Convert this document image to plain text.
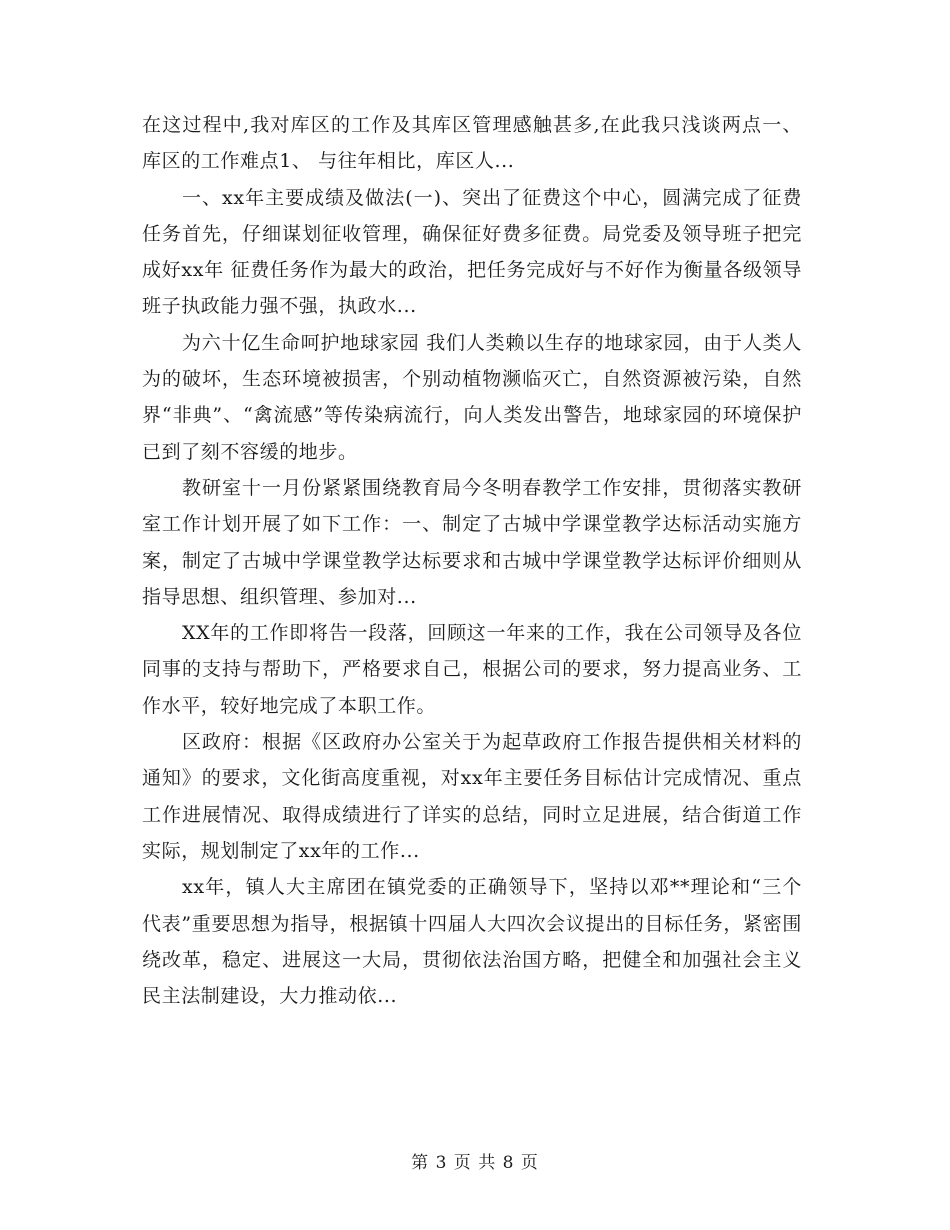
在这过程中,我对库区的工作及其库区管理感触甚多,在此我只浅谈两点一、库区的工作难点1、 与往年相比，库区人...

一、xx年主要成绩及做法(一)、突出了征费这个中心，圆满完成了征费任务首先，仔细谋划征收管理，确保征好费多征费。局党委及领导班子把完成好xx年 征费任务作为最大的政治，把任务完成好与不好作为衡量各级领导班子执政能力强不强，执政水...

为六十亿生命呵护地球家园 我们人类赖以生存的地球家园，由于人类人为的破坏，生态环境被损害，个别动植物濒临灭亡，自然资源被污染，自然界“非典”、“禽流感”等传染病流行，向人类发出警告，地球家园的环境保护已到了刻不容缓的地步。

教研室十一月份紧紧围绕教育局今冬明春教学工作安排，贯彻落实教研室工作计划开展了如下工作：一、制定了古城中学课堂教学达标活动实施方案，制定了古城中学课堂教学达标要求和古城中学课堂教学达标评价细则从指导思想、组织管理、参加对...

XX年的工作即将告一段落，回顾这一年来的工作，我在公司领导及各位同事的支持与帮助下，严格要求自己，根据公司的要求，努力提高业务、工作水平，较好地完成了本职工作。

区政府：根据《区政府办公室关于为起草政府工作报告提供相关材料的通知》的要求，文化街高度重视，对xx年主要任务目标估计完成情况、重点工作进展情况、取得成绩进行了详实的总结，同时立足进展，结合街道工作实际，规划制定了xx年的工作...

xx年，镇人大主席团在镇党委的正确领导下，坚持以邓**理论和“三个代表”重要思想为指导，根据镇十四届人大四次会议提出的目标任务，紧密围绕改革，稳定、进展这一大局，贯彻依法治国方略，把健全和加强社会主义民主法制建设，大力推动依...

第 3 页 共 8 页
